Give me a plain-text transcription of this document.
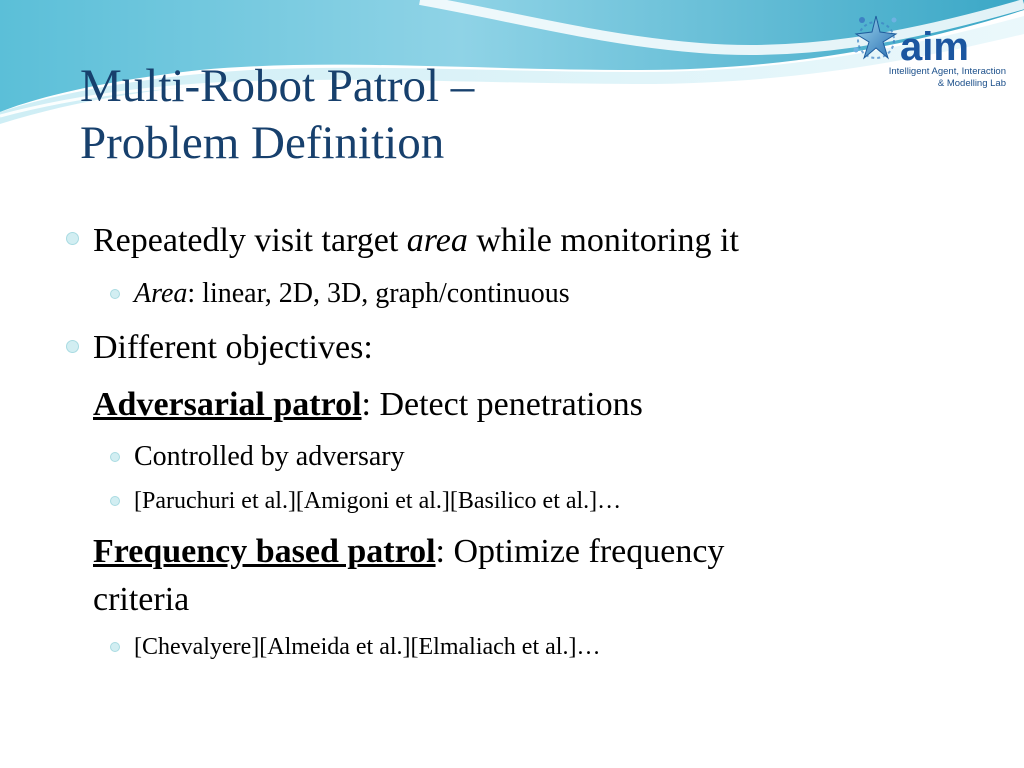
Multi-Robot Patrol –
Problem Definition
aim
Intelligent Agent, Interaction
& Modelling Lab
Repeatedly visit target area while monitoring it
Area: linear, 2D, 3D, graph/continuous
Different objectives:
Adversarial patrol: Detect penetrations
Controlled by adversary
[Paruchuri et al.][Amigoni et al.][Basilico et al.]…
Frequency based patrol: Optimize frequency
criteria
[Chevalyere][Almeida et al.][Elmaliach et al.]…
